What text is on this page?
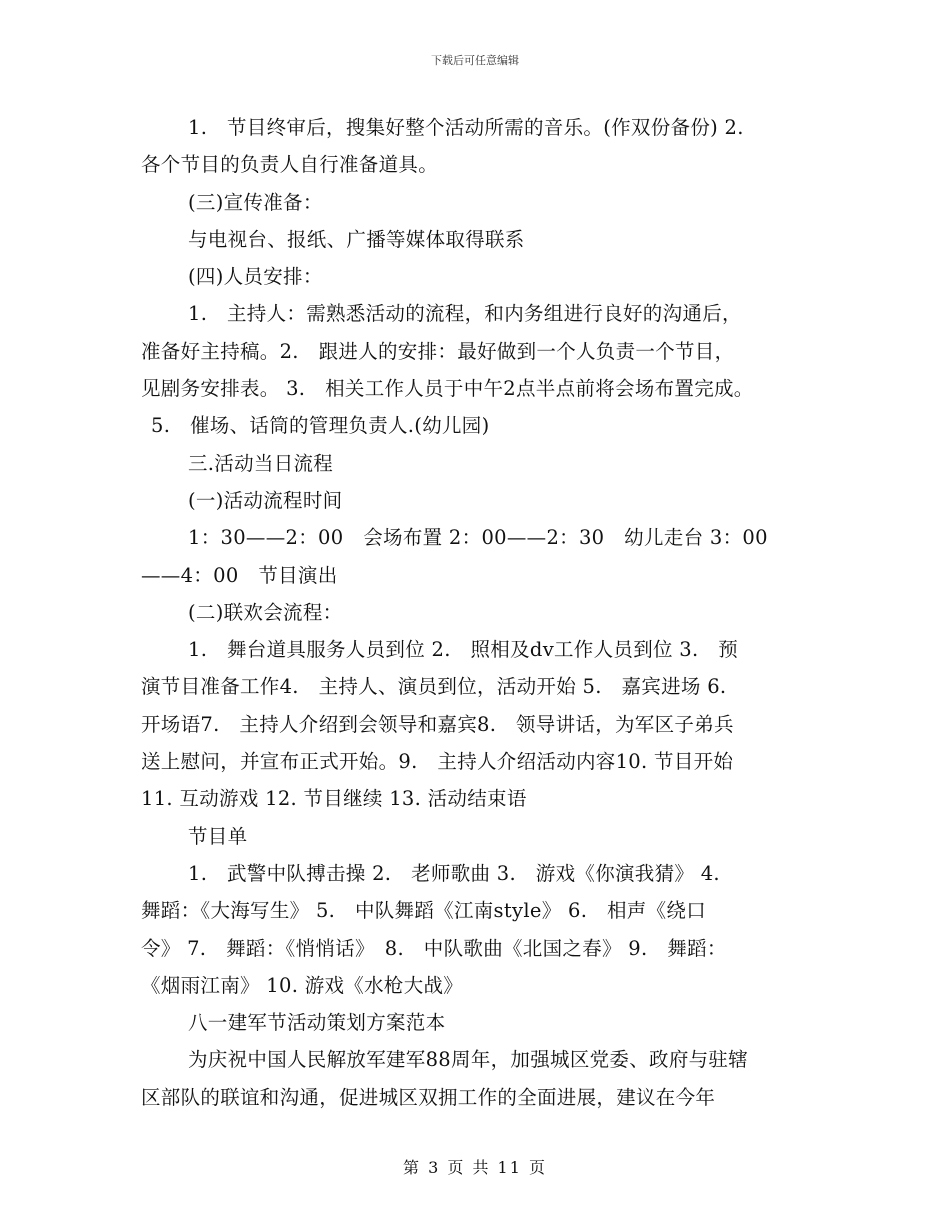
下载后可任意编辑
1.　节目终审后，搜集好整个活动所需的音乐。(作双份备份) 2.
各个节目的负责人自行准备道具。
(三)宣传准备：
与电视台、报纸、广播等媒体取得联系
(四)人员安排：
1.　主持人：需熟悉活动的流程，和内务组进行良好的沟通后，
准备好主持稿。2.　跟进人的安排：最好做到一个人负责一个节目，
见剧务安排表。 3.　相关工作人员于中午2点半点前将会场布置完成。
5.　催场、话筒的管理负责人.(幼儿园)
三.活动当日流程
(一)活动流程时间
1：30——2：00　会场布置 2：00——2：30　幼儿走台 3：00
——4：00　节目演出
(二)联欢会流程：
1.　舞台道具服务人员到位 2.　照相及dv工作人员到位 3.　预
演节目准备工作4.　主持人、演员到位，活动开始 5.　嘉宾进场 6.
开场语7.　主持人介绍到会领导和嘉宾8.　领导讲话，为军区子弟兵
送上慰问，并宣布正式开始。9.　主持人介绍活动内容10. 节目开始
11. 互动游戏 12. 节目继续 13. 活动结束语
节目单
1.　武警中队搏击操 2.　老师歌曲 3.　游戏《你演我猜》 4.
舞蹈：《大海写生》 5.　中队舞蹈《江南style》 6.　相声《绕口
令》 7.　舞蹈：《悄悄话》　8.　中队歌曲《北国之春》 9.　舞蹈：
《烟雨江南》 10. 游戏《水枪大战》
八一建军节活动策划方案范本
为庆祝中国人民解放军建军88周年，加强城区党委、政府与驻辖
区部队的联谊和沟通，促进城区双拥工作的全面进展，建议在今年
第 3 页 共 11 页
